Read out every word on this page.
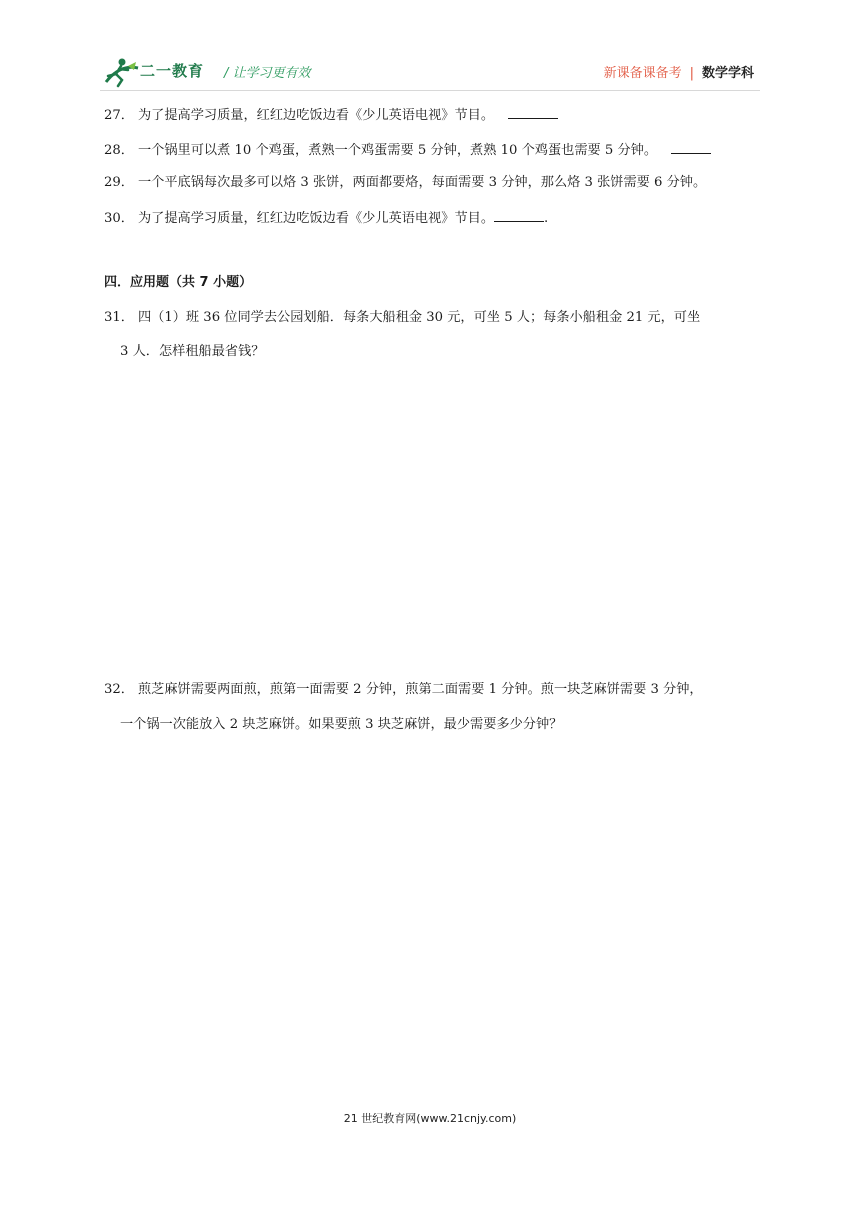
二一教育 / 让学习更有效	新课备课备考 | 数学学科
27． 为了提高学习质量，红红边吃饭边看《少儿英语电视》节目。
28． 一个锅里可以煮 10 个鸡蛋，煮熟一个鸡蛋需要 5 分钟，煮熟 10 个鸡蛋也需要 5 分钟。
29． 一个平底锅每次最多可以烙 3 张饼，两面都要烙，每面需要 3 分钟，那么烙 3 张饼需要 6 分钟。
30． 为了提高学习质量，红红边吃饭边看《少儿英语电视》节目。	.
四．应用题（共 7 小题）
31． 四（1）班 36 位同学去公园划船．每条大船租金 30 元，可坐 5 人；每条小船租金 21 元，可坐
3 人．怎样租船最省钱？
32． 煎芝麻饼需要两面煎，煎第一面需要 2 分钟，煎第二面需要 1 分钟。煎一块芝麻饼需要 3 分钟，
一个锅一次能放入 2 块芝麻饼。如果要煎 3 块芝麻饼，最少需要多少分钟？
21 世纪教育网(www.21cnjy.com)
